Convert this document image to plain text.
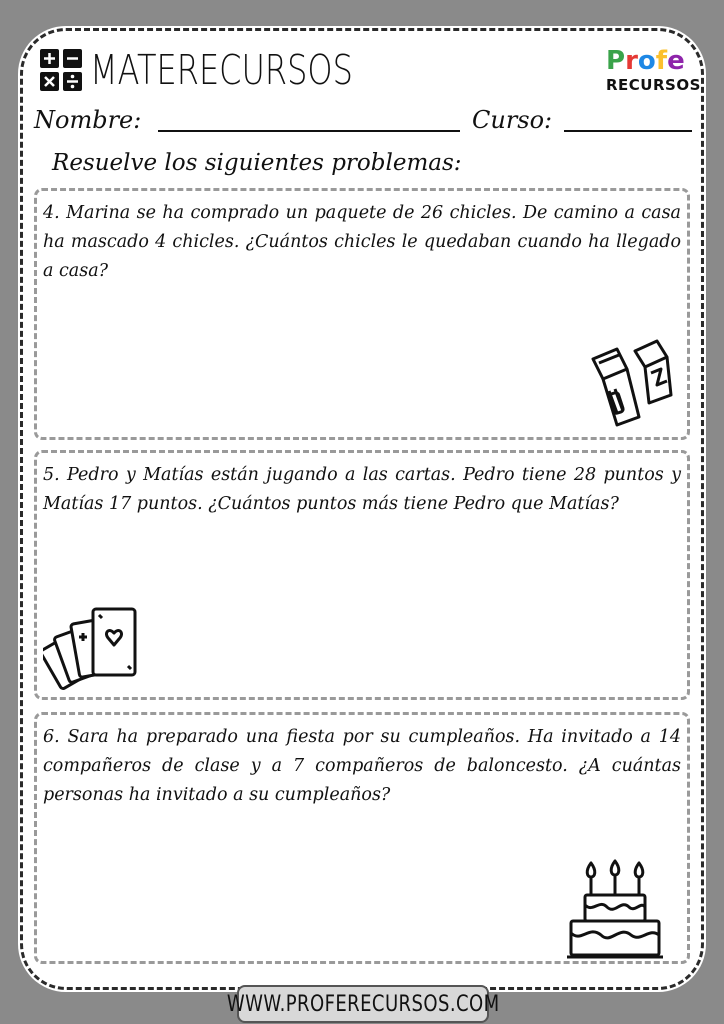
MATERECURSOS	Profe
RECURSOS
Nombre:	Curso:
Resuelve los siguientes problemas:
4. Marina se ha comprado un paquete de 26 chicles. De camino a casa ha mascado 4 chicles. ¿Cuántos chicles le quedaban cuando ha llegado a casa?
5. Pedro y Matías están jugando a las cartas. Pedro tiene 28 puntos y Matías 17 puntos. ¿Cuántos puntos más tiene Pedro que Matías?
6. Sara ha preparado una fiesta por su cumpleaños. Ha invitado a 14 compañeros de clase y a 7 compañeros de baloncesto. ¿A cuántas personas ha invitado a su cumpleaños?
WWW.PROFERECURSOS.COM
